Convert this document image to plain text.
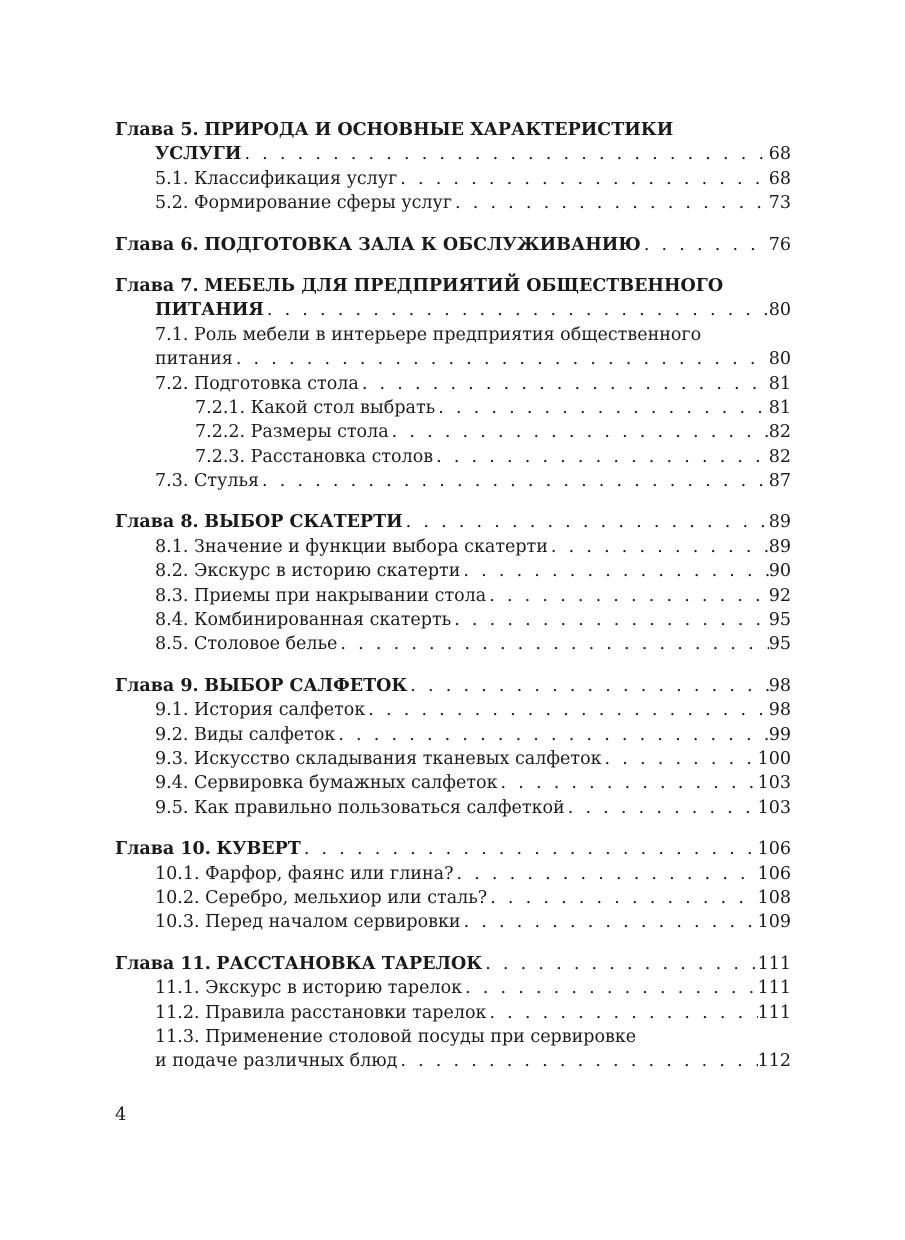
Глава 5. ПРИРОДА И ОСНОВНЫЕ ХАРАКТЕРИСТИКИ
УСЛУГИ . . .	68
5.1. Классификация услуг . . .	68
5.2. Формирование сферы услуг . . .	73
Глава 6.
ПОДГОТОВКА ЗАЛА К ОБСЛУЖИВАНИЮ . . .	76
Глава 7. МЕБЕЛЬ ДЛЯ ПРЕДПРИЯТИЙ ОБЩЕСТВЕННОГО
ПИТАНИЯ . . .	80
7.1. Роль мебели в интерьере предприятия общественного
питания . . .	80
7.2. Подготовка стола . . .	81
7.2.1. Какой стол выбрать . . .	81
7.2.2. Размеры стола . . .	82
7.2.3. Расстановка столов . . .	82
7.3. Стулья . . .	87
Глава 8.
ВЫБОР СКАТЕРТИ . . .	89
8.1. Значение и функции выбора скатерти . . .	89
8.2. Экскурс в историю скатерти . . .	90
8.3. Приемы при накрывании стола . . .	92
8.4. Комбинированная скатерть . . .	95
8.5. Столовое белье . . .	95
Глава 9.
ВЫБОР САЛФЕТОК . . .	98
9.1. История салфеток . . .	98
9.2. Виды салфеток . . .	99
9.3. Искусство складывания тканевых салфеток . . .	100
9.4. Сервировка бумажных салфеток . . .	103
9.5. Как правильно пользоваться салфеткой . . .	103
Глава 10.
КУВЕРТ . . .	106
10.1. Фарфор, фаянс или глина? . . .	106
10.2. Серебро, мельхиор или сталь? . . .	108
10.3. Перед началом сервировки . . .	109
Глава 11.
РАССТАНОВКА ТАРЕЛОК . . .	111
11.1. Экскурс в историю тарелок . . .	111
11.2. Правила расстановки тарелок . . .	111
11.3. Применение столовой посуды при сервировке
и подаче различных блюд . . .	112
4
